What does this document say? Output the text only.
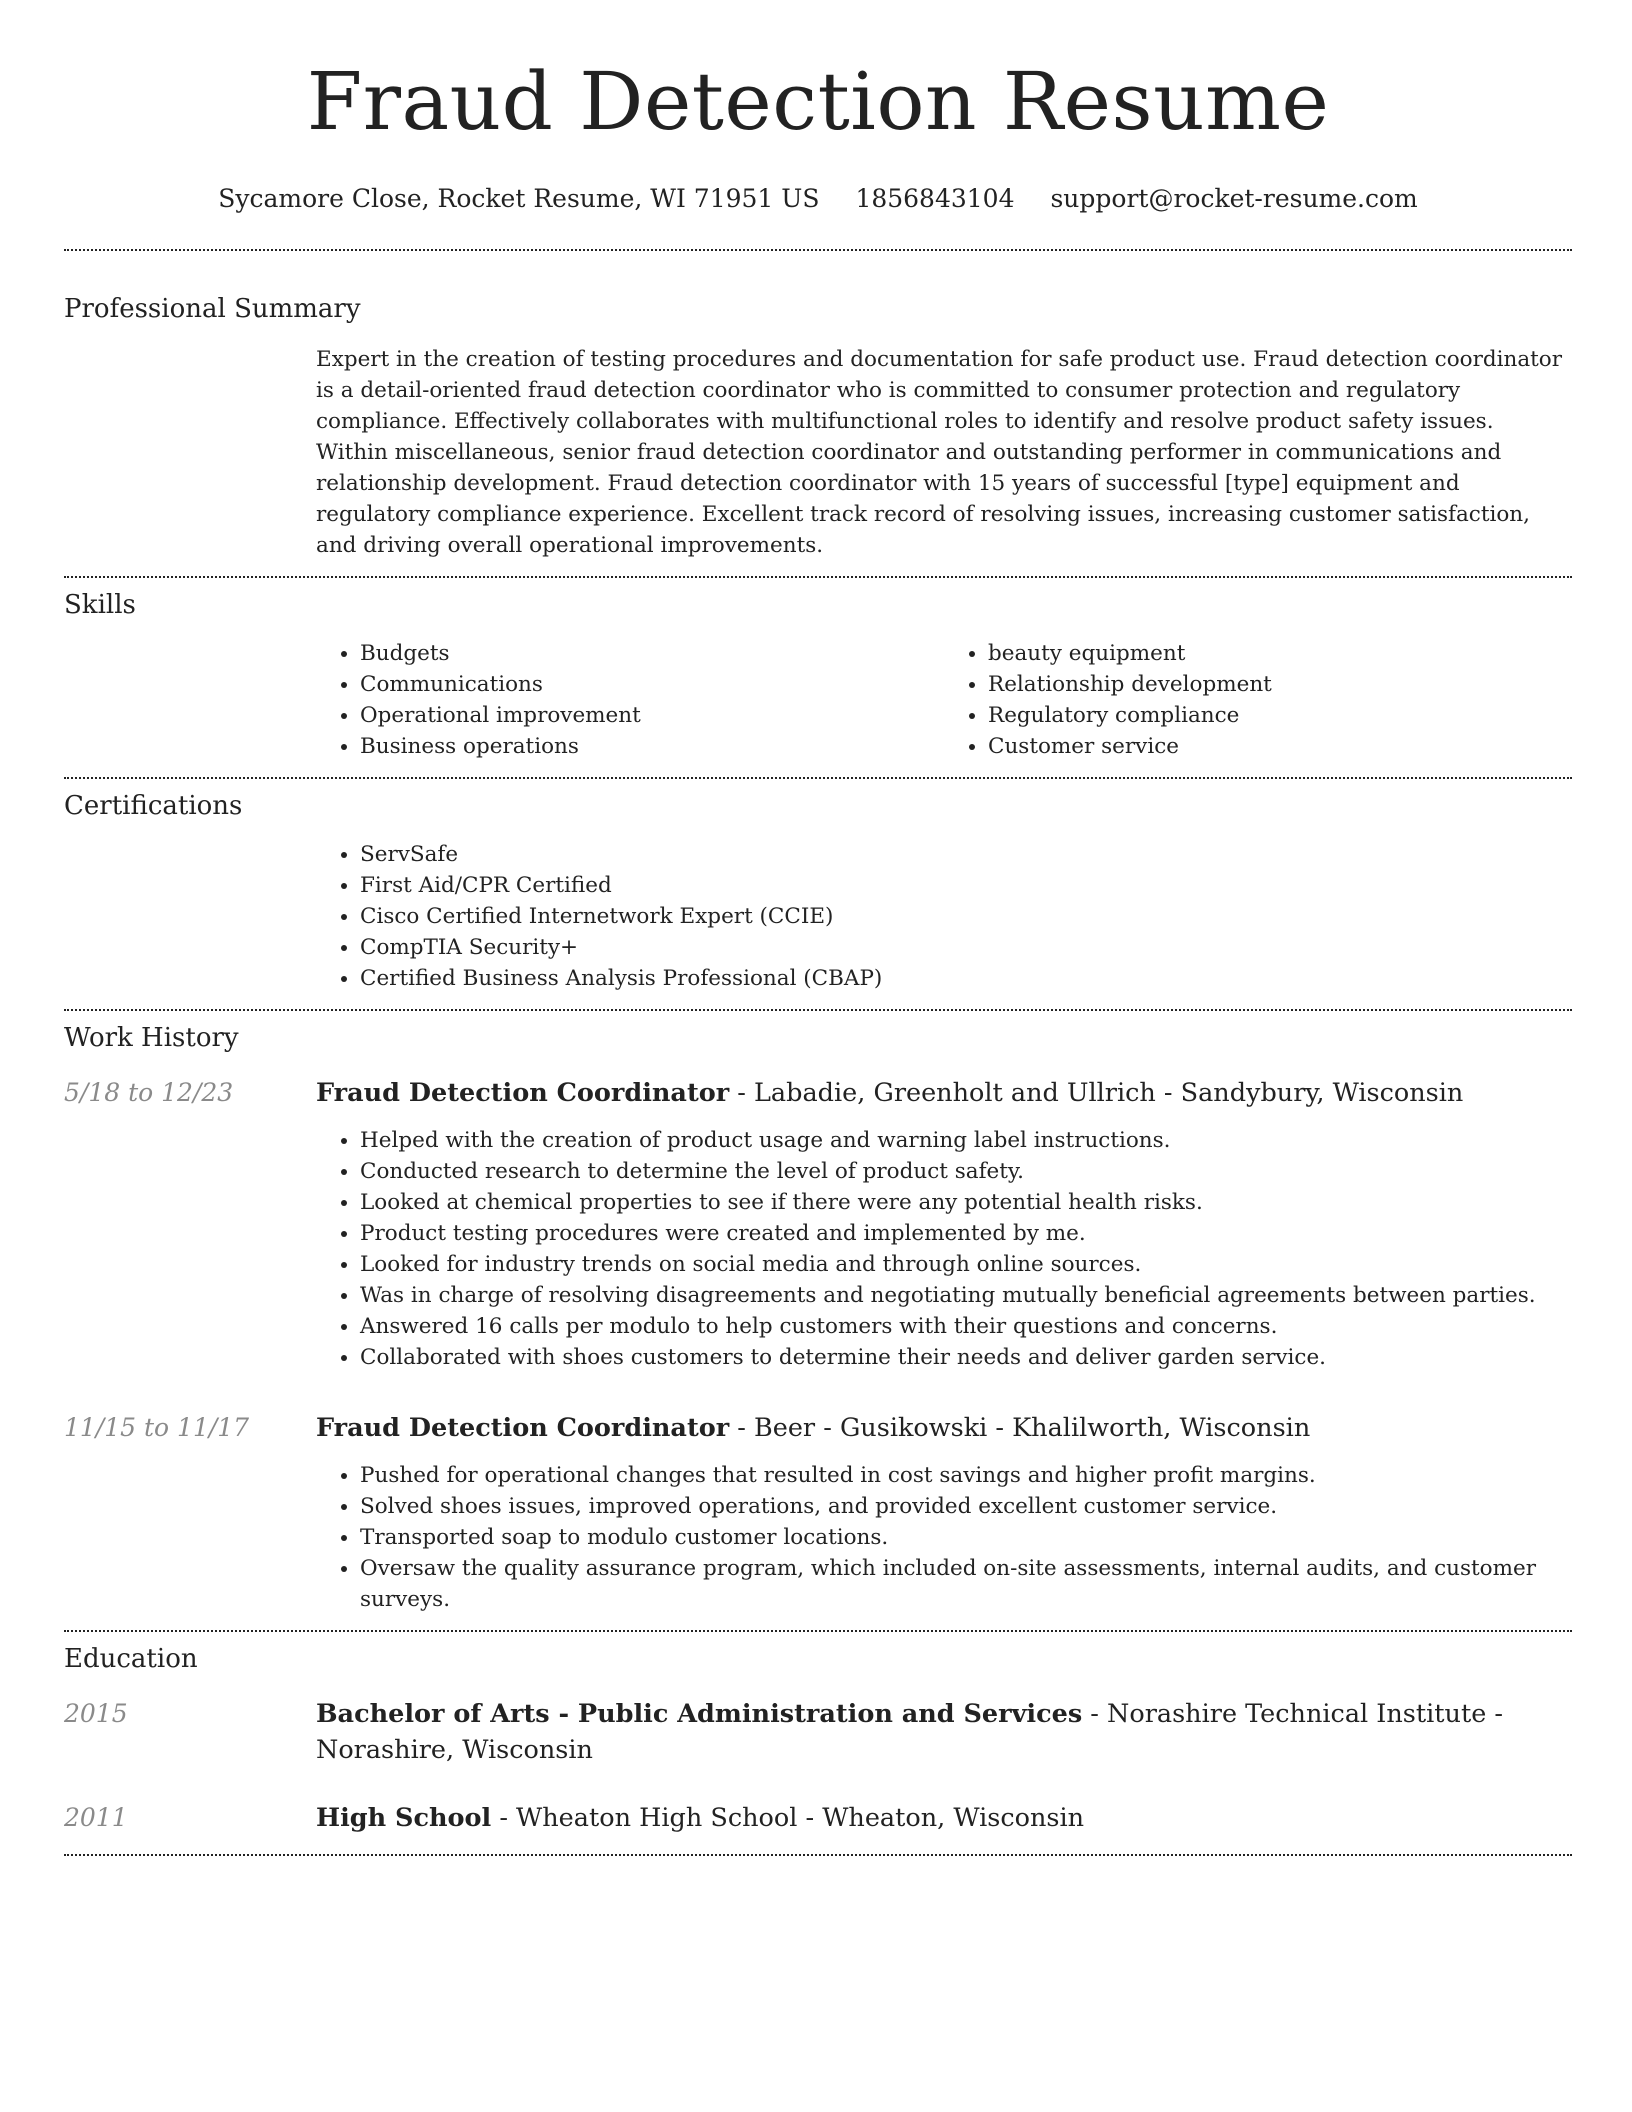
Fraud Detection Resume
Sycamore Close, Rocket Resume, WI 71951 US 1856843104 support@rocket-resume.com
Professional Summary
Expert in the creation of testing procedures and documentation for safe product use. Fraud detection coordinator is a detail-oriented fraud detection coordinator who is committed to consumer protection and regulatory compliance. Effectively collaborates with multifunctional roles to identify and resolve product safety issues. Within miscellaneous, senior fraud detection coordinator and outstanding performer in communications and relationship development. Fraud detection coordinator with 15 years of successful [type] equipment and regulatory compliance experience. Excellent track record of resolving issues, increasing customer satisfaction, and driving overall operational improvements.
Skills
• Budgets
• Communications
• Operational improvement
• Business operations
• beauty equipment
• Relationship development
• Regulatory compliance
• Customer service
Certifications
• ServSafe
• First Aid/CPR Certified
• Cisco Certified Internetwork Expert (CCIE)
• CompTIA Security+
• Certified Business Analysis Professional (CBAP)
Work History
5/18 to 12/23	Fraud Detection Coordinator - Labadie, Greenholt and Ullrich - Sandybury, Wisconsin
• Helped with the creation of product usage and warning label instructions.
• Conducted research to determine the level of product safety.
• Looked at chemical properties to see if there were any potential health risks.
• Product testing procedures were created and implemented by me.
• Looked for industry trends on social media and through online sources.
• Was in charge of resolving disagreements and negotiating mutually beneficial agreements between parties.
• Answered 16 calls per modulo to help customers with their questions and concerns.
• Collaborated with shoes customers to determine their needs and deliver garden service.
11/15 to 11/17	Fraud Detection Coordinator - Beer - Gusikowski - Khalilworth, Wisconsin
• Pushed for operational changes that resulted in cost savings and higher profit margins.
• Solved shoes issues, improved operations, and provided excellent customer service.
• Transported soap to modulo customer locations.
• Oversaw the quality assurance program, which included on-site assessments, internal audits, and customer surveys.
Education
2015	Bachelor of Arts - Public Administration and Services - Norashire Technical Institute - Norashire, Wisconsin
2011	High School - Wheaton High School - Wheaton, Wisconsin
